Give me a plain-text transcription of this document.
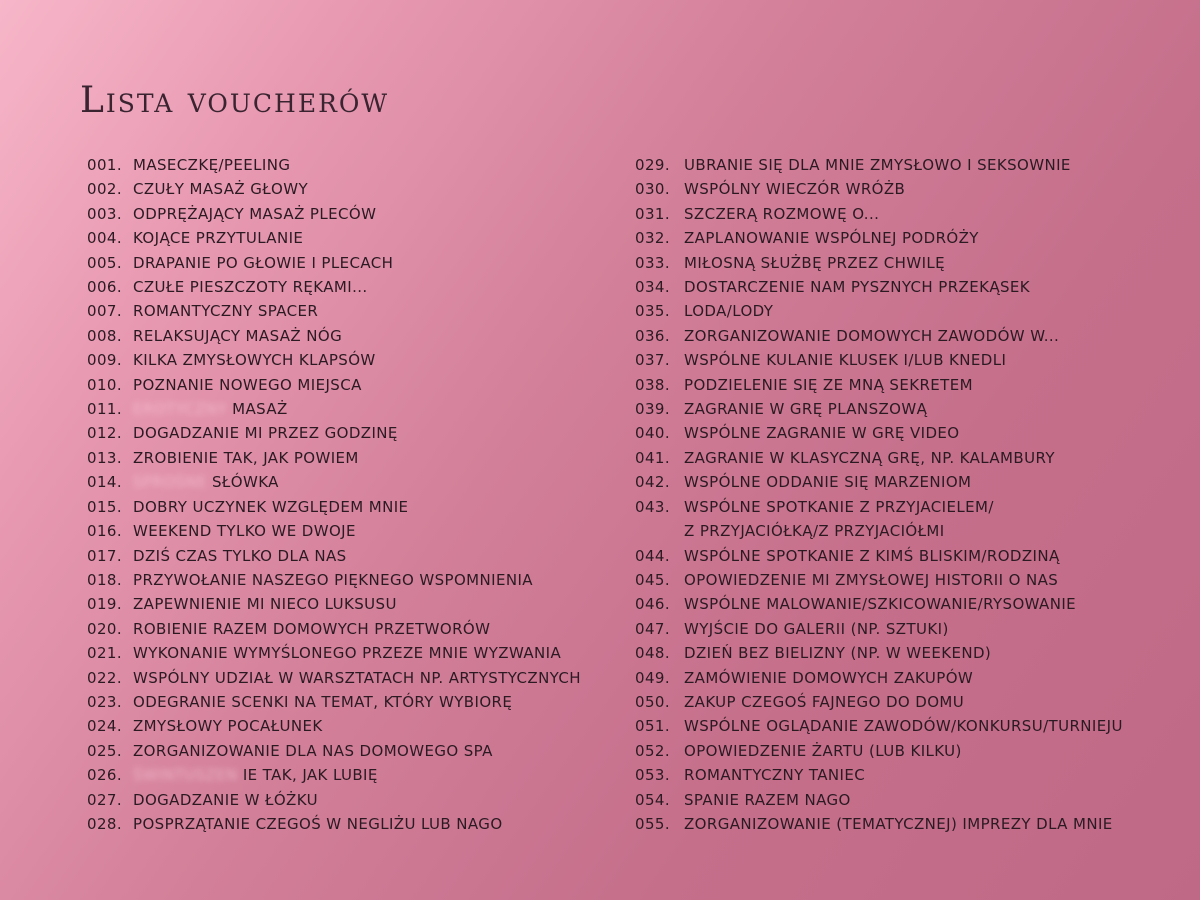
Lista voucherów
001. MASECZKĘ/PEELING
002. CZUŁY MASAŻ GŁOWY
003. ODPRĘŻAJĄCY MASAŻ PLECÓW
004. KOJĄCE PRZYTULANIE
005. DRAPANIE PO GŁOWIE I PLECACH
006. CZUŁE PIESZCZOTY RĘKAMI...
007. ROMANTYCZNY SPACER
008. RELAKSUJĄCY MASAŻ NÓG
009. KILKA ZMYSŁOWYCH KLAPSÓW
010. POZNANIE NOWEGO MIEJSCA
011. EROTYCZNY MASAŻ
012. DOGADZANIE MI PRZEZ GODZINĘ
013. ZROBIENIE TAK, JAK POWIEM
014. SPROŚNE SŁÓWKA
015. DOBRY UCZYNEK WZGLĘDEM MNIE
016. WEEKEND TYLKO WE DWOJE
017. DZIŚ CZAS TYLKO DLA NAS
018. PRZYWOŁANIE NASZEGO PIĘKNEGO WSPOMNIENIA
019. ZAPEWNIENIE MI NIECO LUKSUSU
020. ROBIENIE RAZEM DOMOWYCH PRZETWORÓW
021. WYKONANIE WYMYŚLONEGO PRZEZE MNIE WYZWANIA
022. WSPÓLNY UDZIAŁ W WARSZTATACH NP. ARTYSTYCZNYCH
023. ODEGRANIE SCENKI NA TEMAT, KTÓRY WYBIORĘ
024. ZMYSŁOWY POCAŁUNEK
025. ZORGANIZOWANIE DLA NAS DOMOWEGO SPA
026. ŚWINTUSZEN IE TAK, JAK LUBIĘ
027. DOGADZANIE W ŁÓŻKU
028. POSPRZĄTANIE CZEGOŚ W NEGLIŻU LUB NAGO
029. UBRANIE SIĘ DLA MNIE ZMYSŁOWO I SEKSOWNIE
030. WSPÓLNY WIECZÓR WRÓŻB
031. SZCZERĄ ROZMOWĘ O...
032. ZAPLANOWANIE WSPÓLNEJ PODRÓŻY
033. MIŁOSNĄ SŁUŻBĘ PRZEZ CHWILĘ
034. DOSTARCZENIE NAM PYSZNYCH PRZEKĄSEK
035. LODA/LODY
036. ZORGANIZOWANIE DOMOWYCH ZAWODÓW W...
037. WSPÓLNE KULANIE KLUSEK I/LUB KNEDLI
038. PODZIELENIE SIĘ ZE MNĄ SEKRETEM
039. ZAGRANIE W GRĘ PLANSZOWĄ
040. WSPÓLNE ZAGRANIE W GRĘ VIDEO
041. ZAGRANIE W KLASYCZNĄ GRĘ, NP. KALAMBURY
042. WSPÓLNE ODDANIE SIĘ MARZENIOM
043. WSPÓLNE SPOTKANIE Z PRZYJACIELEM/
Z PRZYJACIÓŁKĄ/Z PRZYJACIÓŁMI
044. WSPÓLNE SPOTKANIE Z KIMŚ BLISKIM/RODZINĄ
045. OPOWIEDZENIE MI ZMYSŁOWEJ HISTORII O NAS
046. WSPÓLNE MALOWANIE/SZKICOWANIE/RYSOWANIE
047. WYJŚCIE DO GALERII (NP. SZTUKI)
048. DZIEŃ BEZ BIELIZNY (NP. W WEEKEND)
049. ZAMÓWIENIE DOMOWYCH ZAKUPÓW
050. ZAKUP CZEGOŚ FAJNEGO DO DOMU
051. WSPÓLNE OGLĄDANIE ZAWODÓW/KONKURSU/TURNIEJU
052. OPOWIEDZENIE ŻARTU (LUB KILKU)
053. ROMANTYCZNY TANIEC
054. SPANIE RAZEM NAGO
055. ZORGANIZOWANIE (TEMATYCZNEJ) IMPREZY DLA MNIE
